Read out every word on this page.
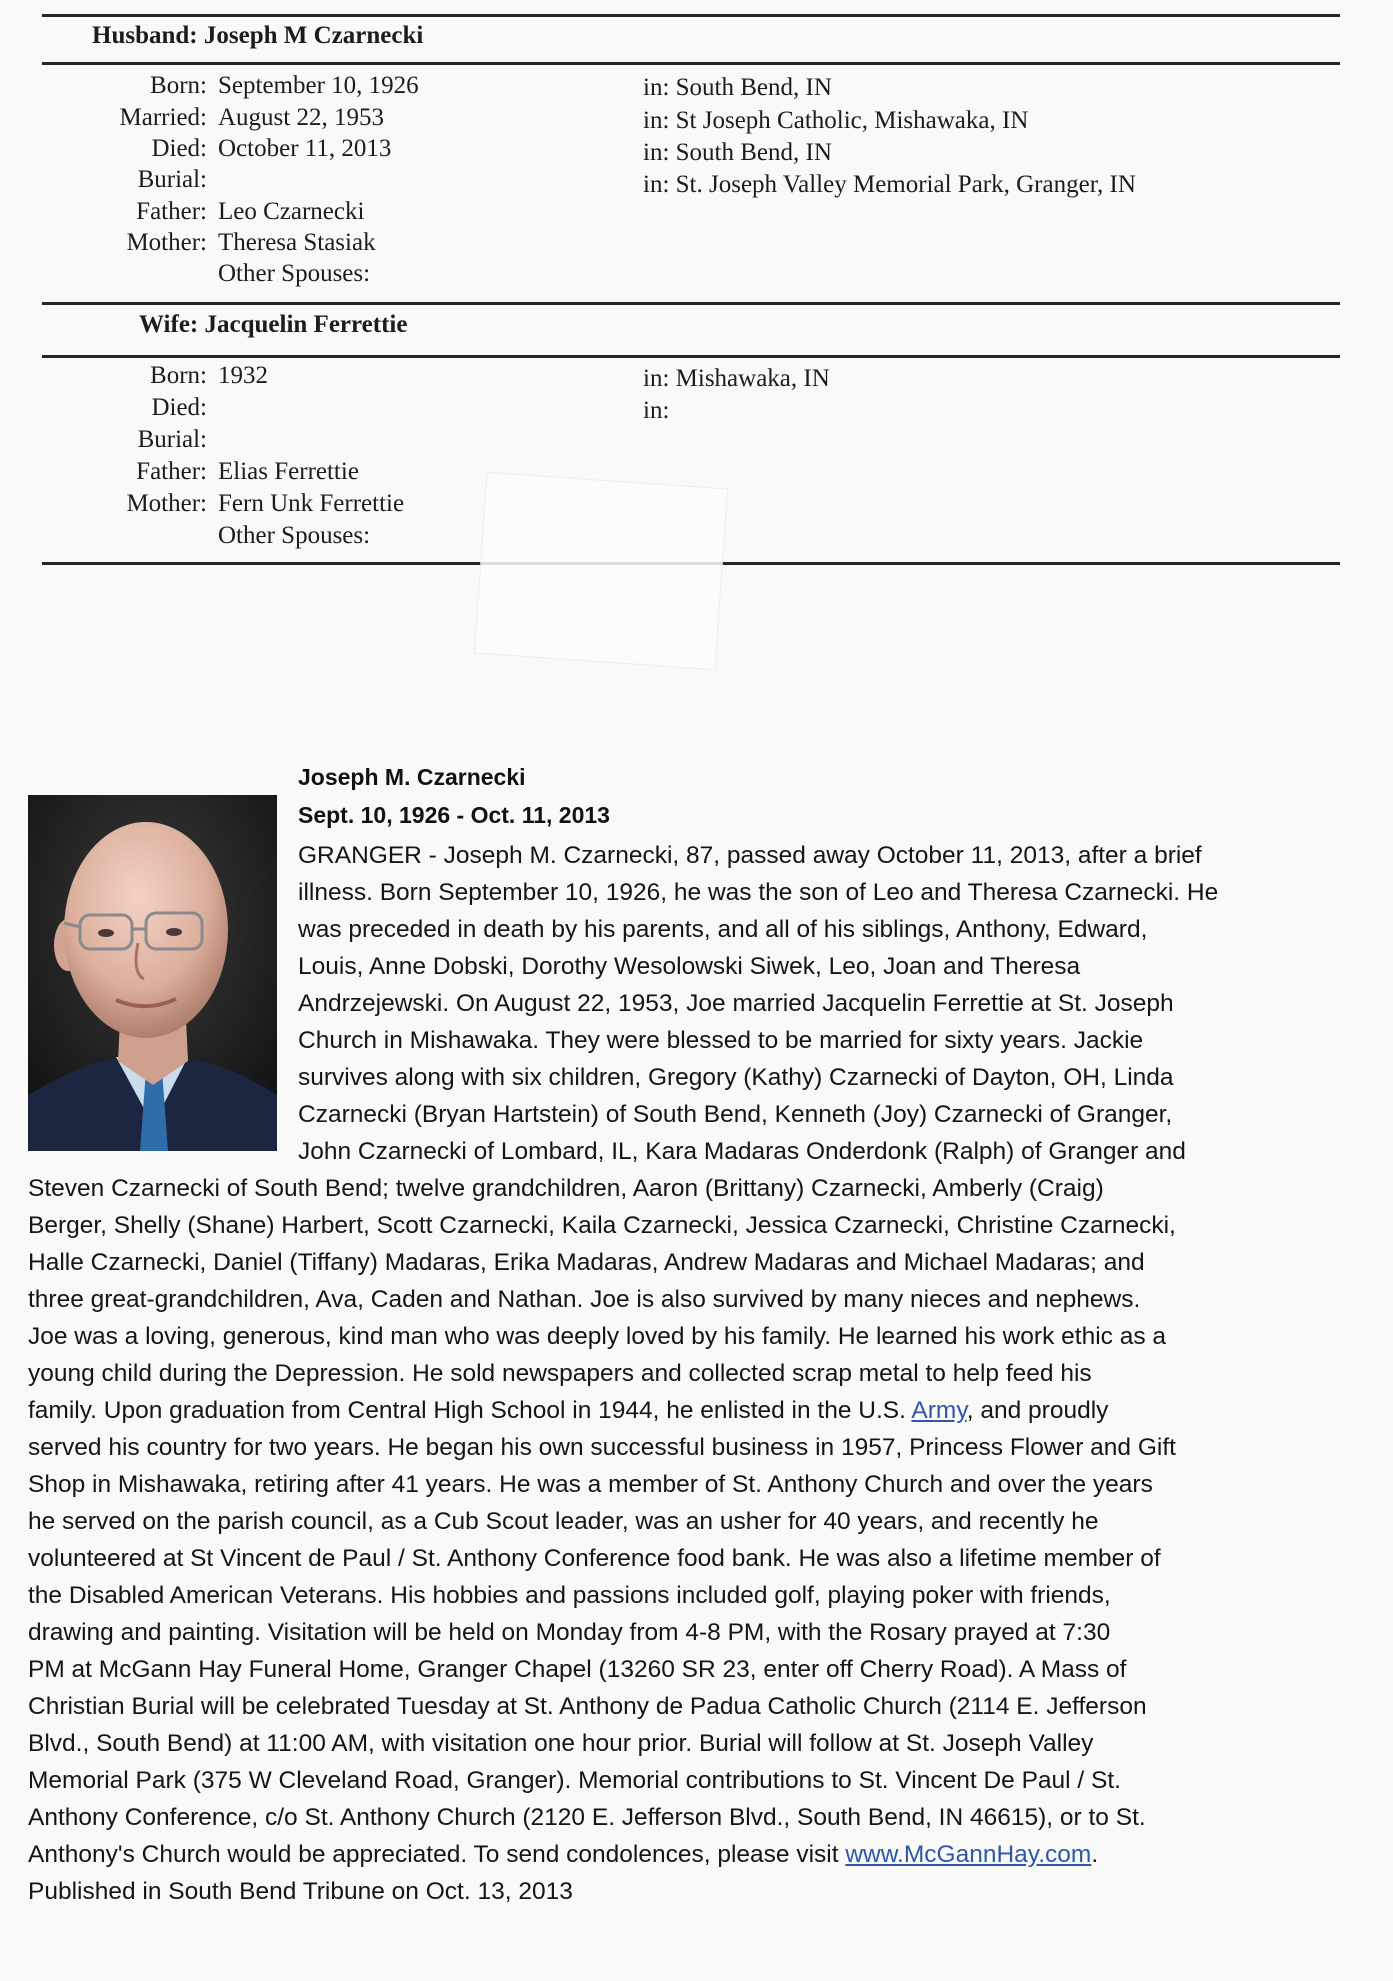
Husband: Joseph M Czarnecki
Born: September 10, 1926	in: South Bend, IN
Married: August 22, 1953	in: St Joseph Catholic, Mishawaka, IN
Died: October 11, 2013	in: South Bend, IN
Burial:	in: St. Joseph Valley Memorial Park, Granger, IN
Father: Leo Czarnecki
Mother: Theresa Stasiak
Other Spouses:
Wife: Jacquelin Ferrettie
Born: 1932	in: Mishawaka, IN
Died:	in:
Burial:
Father: Elias Ferrettie
Mother: Fern Unk Ferrettie
Other Spouses:
Joseph M. Czarnecki
Sept. 10, 1926 - Oct. 11, 2013
GRANGER - Joseph M. Czarnecki, 87, passed away October 11, 2013, after a brief
illness. Born September 10, 1926, he was the son of Leo and Theresa Czarnecki. He
was preceded in death by his parents, and all of his siblings, Anthony, Edward,
Louis, Anne Dobski, Dorothy Wesolowski Siwek, Leo, Joan and Theresa
Andrzejewski. On August 22, 1953, Joe married Jacquelin Ferrettie at St. Joseph
Church in Mishawaka. They were blessed to be married for sixty years. Jackie
survives along with six children, Gregory (Kathy) Czarnecki of Dayton, OH, Linda
Czarnecki (Bryan Hartstein) of South Bend, Kenneth (Joy) Czarnecki of Granger,
John Czarnecki of Lombard, IL, Kara Madaras Onderdonk (Ralph) of Granger and
Steven Czarnecki of South Bend; twelve grandchildren, Aaron (Brittany) Czarnecki, Amberly (Craig)
Berger, Shelly (Shane) Harbert, Scott Czarnecki, Kaila Czarnecki, Jessica Czarnecki, Christine Czarnecki,
Halle Czarnecki, Daniel (Tiffany) Madaras, Erika Madaras, Andrew Madaras and Michael Madaras; and
three great-grandchildren, Ava, Caden and Nathan. Joe is also survived by many nieces and nephews.
Joe was a loving, generous, kind man who was deeply loved by his family. He learned his work ethic as a
young child during the Depression. He sold newspapers and collected scrap metal to help feed his
family. Upon graduation from Central High School in 1944, he enlisted in the U.S. Army, and proudly
served his country for two years. He began his own successful business in 1957, Princess Flower and Gift
Shop in Mishawaka, retiring after 41 years. He was a member of St. Anthony Church and over the years
he served on the parish council, as a Cub Scout leader, was an usher for 40 years, and recently he
volunteered at St Vincent de Paul / St. Anthony Conference food bank. He was also a lifetime member of
the Disabled American Veterans. His hobbies and passions included golf, playing poker with friends,
drawing and painting. Visitation will be held on Monday from 4-8 PM, with the Rosary prayed at 7:30
PM at McGann Hay Funeral Home, Granger Chapel (13260 SR 23, enter off Cherry Road). A Mass of
Christian Burial will be celebrated Tuesday at St. Anthony de Padua Catholic Church (2114 E. Jefferson
Blvd., South Bend) at 11:00 AM, with visitation one hour prior. Burial will follow at St. Joseph Valley
Memorial Park (375 W Cleveland Road, Granger). Memorial contributions to St. Vincent De Paul / St.
Anthony Conference, c/o St. Anthony Church (2120 E. Jefferson Blvd., South Bend, IN 46615), or to St.
Anthony's Church would be appreciated. To send condolences, please visit www.McGannHay.com.
Published in South Bend Tribune on Oct. 13, 2013
